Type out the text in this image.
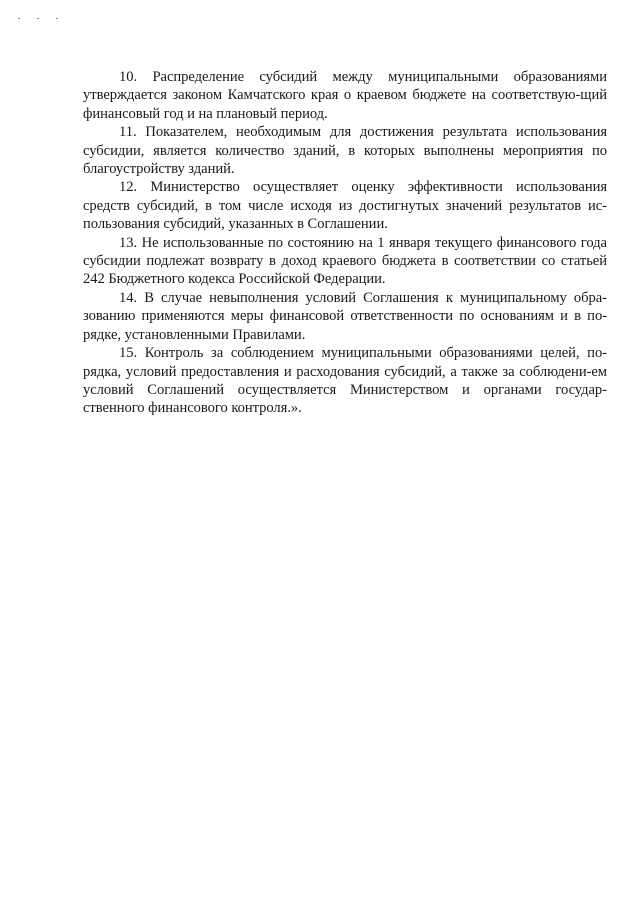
10. Распределение субсидий между муниципальными образованиями утверждается законом Камчатского края о краевом бюджете на соответствую-щий финансовый год и на плановый период.

11. Показателем, необходимым для достижения результата использования субсидии, является количество зданий, в которых выполнены мероприятия по благоустройству зданий.

12. Министерство осуществляет оценку эффективности использования средств субсидий, в том числе исходя из достигнутых значений результатов ис-пользования субсидий, указанных в Соглашении.

13. Не использованные по состоянию на 1 января текущего финансового года субсидии подлежат возврату в доход краевого бюджета в соответствии со статьей 242 Бюджетного кодекса Российской Федерации.

14. В случае невыполнения условий Соглашения к муниципальному обра-зованию применяются меры финансовой ответственности по основаниям и в по-рядке, установленными Правилами.

15. Контроль за соблюдением муниципальными образованиями целей, по-рядка, условий предоставления и расходования субсидий, а также за соблюдени-ем условий Соглашений осуществляется Министерством и органами государ-ственного финансового контроля.».
